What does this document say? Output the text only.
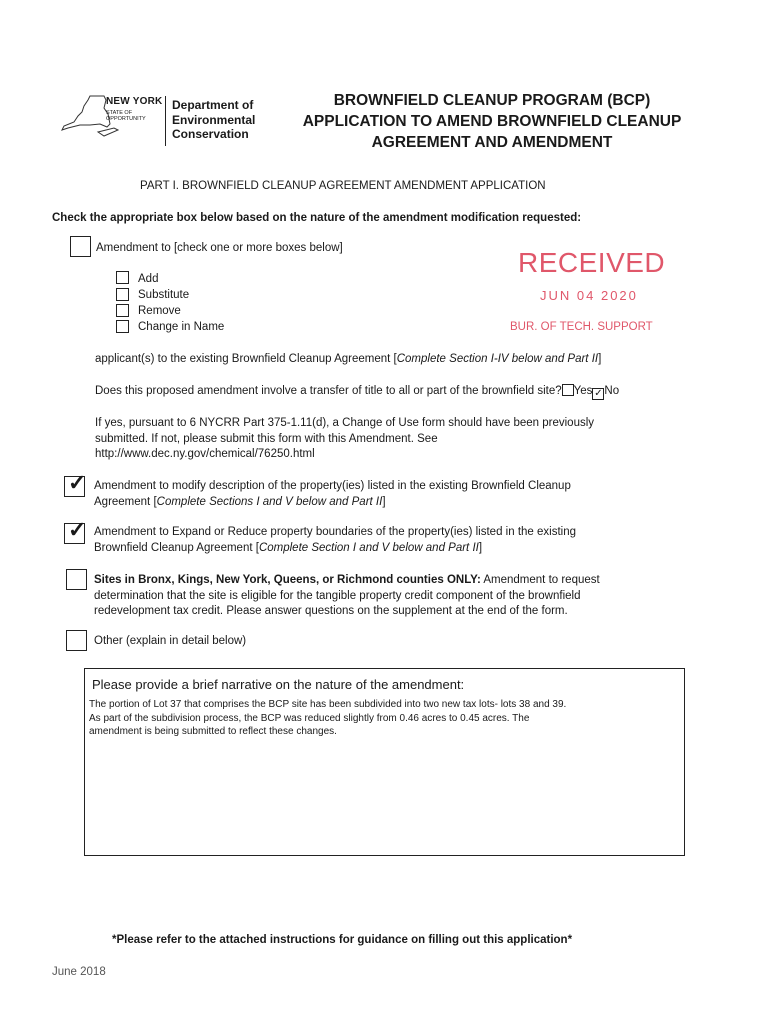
NEW YORK
STATE OF OPPORTUNITY
Department of
Environmental
Conservation
BROWNFIELD CLEANUP PROGRAM (BCP)
APPLICATION TO AMEND BROWNFIELD CLEANUP
AGREEMENT AND AMENDMENT
PART I. BROWNFIELD CLEANUP AGREEMENT AMENDMENT APPLICATION
Check the appropriate box below based on the nature of the amendment modification requested:
Amendment to [check one or more boxes below]
Add
Substitute
Remove
Change in Name
RECEIVED
JUN 04 2020
BUR. OF TECH. SUPPORT
applicant(s) to the existing Brownfield Cleanup Agreement [Complete Section I-IV below and Part II]
Does this proposed amendment involve a transfer of title to all or part of the brownfield site? Yes ✓ No
If yes, pursuant to 6 NYCRR Part 375-1.11(d), a Change of Use form should have been previously
submitted. If not, please submit this form with this Amendment. See
http://www.dec.ny.gov/chemical/76250.html
✓ Amendment to modify description of the property(ies) listed in the existing Brownfield Cleanup
Agreement [Complete Sections I and V below and Part II]
✓ Amendment to Expand or Reduce property boundaries of the property(ies) listed in the existing
Brownfield Cleanup Agreement [Complete Section I and V below and Part II]
Sites in Bronx, Kings, New York, Queens, or Richmond counties ONLY: Amendment to request
determination that the site is eligible for the tangible property credit component of the brownfield
redevelopment tax credit. Please answer questions on the supplement at the end of the form.
Other (explain in detail below)
Please provide a brief narrative on the nature of the amendment:
The portion of Lot 37 that comprises the BCP site has been subdivided into two new tax lots- lots 38 and 39.
As part of the subdivision process, the BCP was reduced slightly from 0.46 acres to 0.45 acres. The
amendment is being submitted to reflect these changes.
*Please refer to the attached instructions for guidance on filling out this application*
June 2018
